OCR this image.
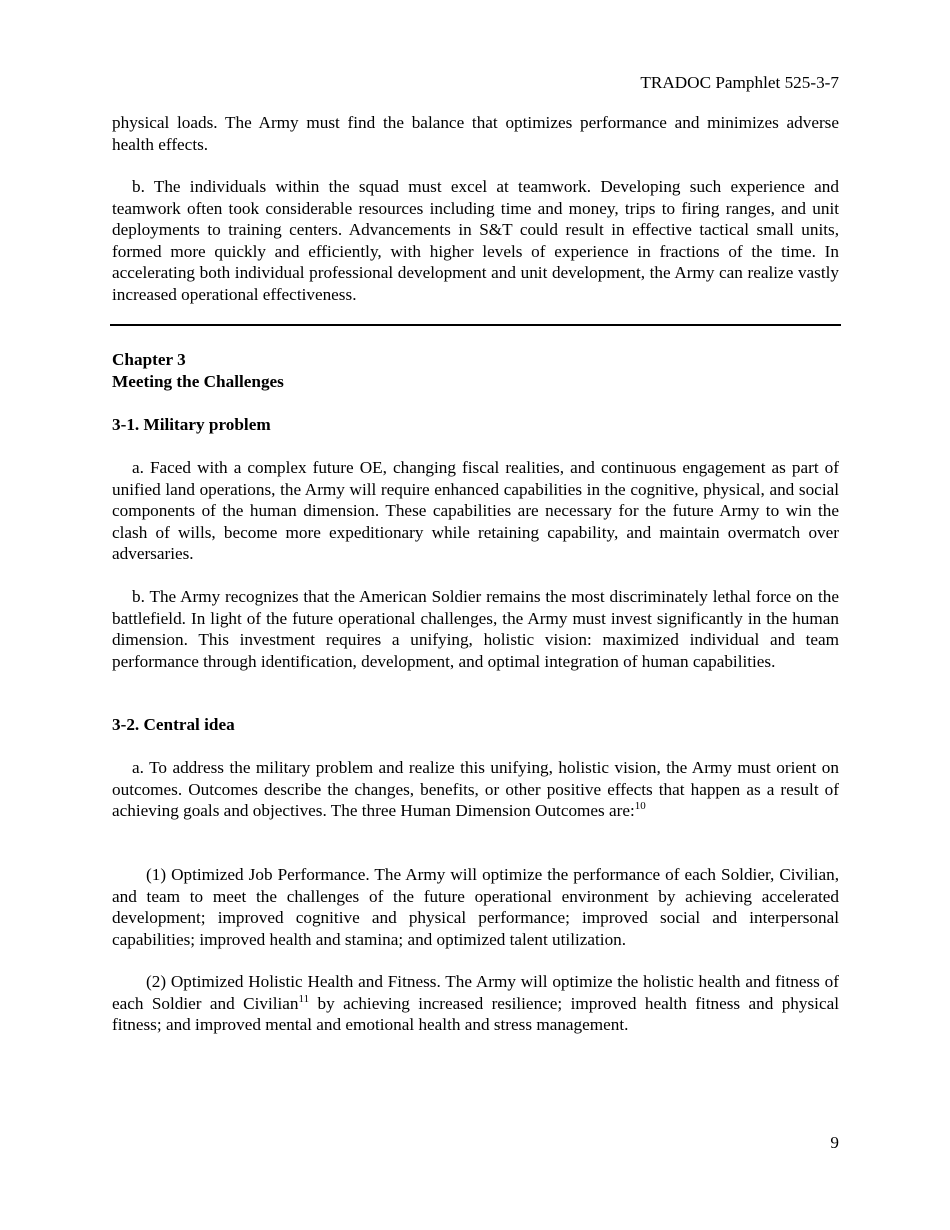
TRADOC Pamphlet 525-3-7

physical loads. The Army must find the balance that optimizes performance and minimizes adverse health effects.

b. The individuals within the squad must excel at teamwork. Developing such experience and teamwork often took considerable resources including time and money, trips to firing ranges, and unit deployments to training centers. Advancements in S&T could result in effective tactical small units, formed more quickly and efficiently, with higher levels of experience in fractions of the time. In accelerating both individual professional development and unit development, the Army can realize vastly increased operational effectiveness.

Chapter 3

Meeting the Challenges

3-1. Military problem

a. Faced with a complex future OE, changing fiscal realities, and continuous engagement as part of unified land operations, the Army will require enhanced capabilities in the cognitive, physical, and social components of the human dimension. These capabilities are necessary for the future Army to win the clash of wills, become more expeditionary while retaining capability, and maintain overmatch over adversaries.

b. The Army recognizes that the American Soldier remains the most discriminately lethal force on the battlefield. In light of the future operational challenges, the Army must invest significantly in the human dimension. This investment requires a unifying, holistic vision: maximized individual and team performance through identification, development, and optimal integration of human capabilities.

3-2. Central idea

a. To address the military problem and realize this unifying, holistic vision, the Army must orient on outcomes. Outcomes describe the changes, benefits, or other positive effects that happen as a result of achieving goals and objectives. The three Human Dimension Outcomes are:$^{10}$

(1) Optimized Job Performance. The Army will optimize the performance of each Soldier, Civilian, and team to meet the challenges of the future operational environment by achieving accelerated development; improved cognitive and physical performance; improved social and interpersonal capabilities; improved health and stamina; and optimized talent utilization.

(2) Optimized Holistic Health and Fitness. The Army will optimize the holistic health and fitness of each Soldier and Civilian$^{11}$ by achieving increased resilience; improved health fitness and physical fitness; and improved mental and emotional health and stress management.

9
